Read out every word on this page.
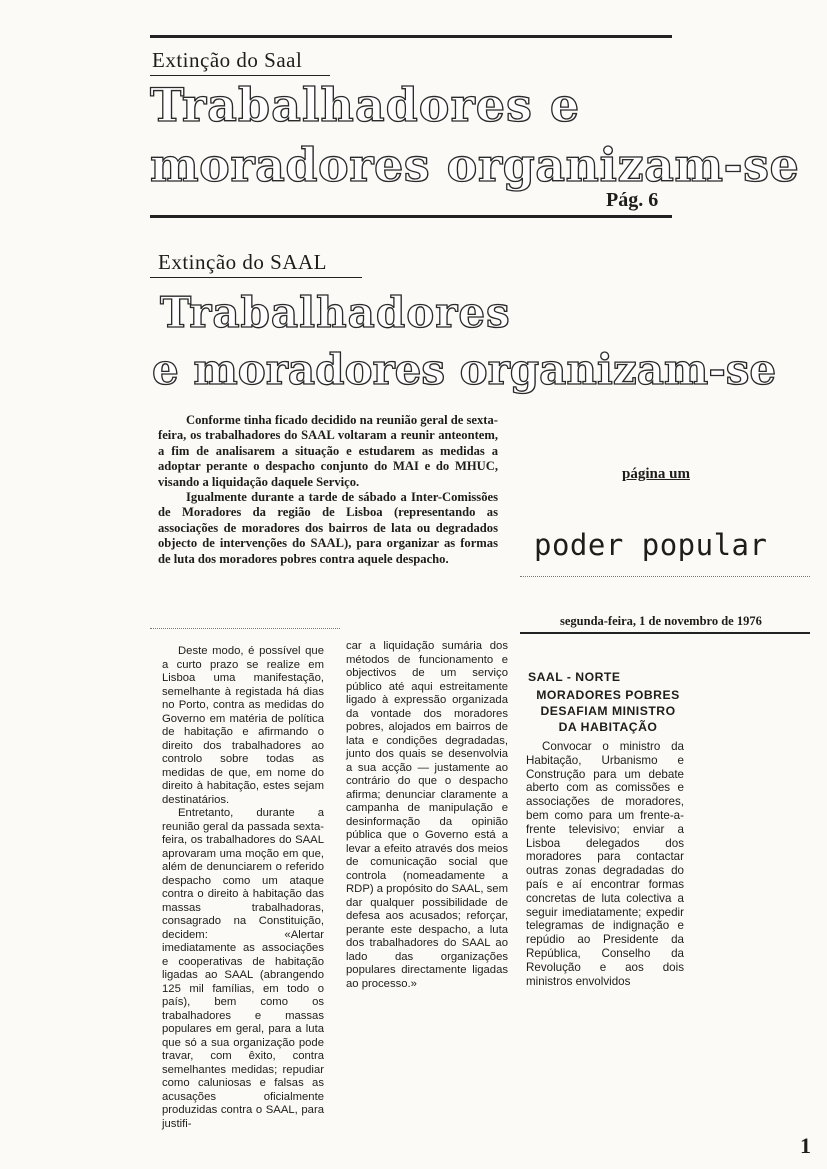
Extinção do Saal
Trabalhadores e
moradores organizam-se
Pág. 6
Extinção do SAAL
Trabalhadores
e moradores organizam-se

Conforme tinha ficado decidido na reunião geral de sexta-feira, os trabalhadores do SAAL voltaram a reunir anteontem, a fim de analisarem a situação e estudarem as medidas a adoptar perante o despacho conjunto do MAI e do MHUC, visando a liquidação daquele Serviço.

Igualmente durante a tarde de sábado a Inter-Comissões de Moradores da região de Lisboa (representando as associações de moradores dos bairros de lata ou degradados objecto de intervenções do SAAL), para organizar as formas de luta dos moradores pobres contra aquele despacho.

Deste modo, é possível que a curto prazo se realize em Lisboa uma manifestação, semelhante à registada há dias no Porto, contra as medidas do Governo em matéria de política de habitação e afirmando o direito dos trabalhadores ao controlo sobre todas as medidas de que, em nome do direito à habitação, estes sejam destinatários.

Entretanto, durante a reunião geral da passada sexta-feira, os trabalhadores do SAAL aprovaram uma moção em que, além de denunciarem o referido despacho como um ataque contra o direito à habitação das massas trabalhadoras, consagrado na Constituição, decidem: «Alertar imediatamente as associações e cooperativas de habitação ligadas ao SAAL (abrangendo 125 mil famílias, em todo o país), bem como os trabalhadores e massas populares em geral, para a luta que só a sua organização pode travar, com êxito, contra semelhantes medidas; repudiar como caluniosas e falsas as acusações oficialmente produzidas contra o SAAL, para justifi-

car a liquidação sumária dos métodos de funcionamento e objectivos de um serviço público até aqui estreitamente ligado à expressão organizada da vontade dos moradores pobres, alojados em bairros de lata e condições degradadas, junto dos quais se desenvolvia a sua acção — justamente ao contrário do que o despacho afirma; denunciar claramente a campanha de manipulação e desinformação da opinião pública que o Governo está a levar a efeito através dos meios de comunicação social que controla (nomeadamente a RDP) a propósito do SAAL, sem dar qualquer possibilidade de defesa aos acusados; reforçar, perante este despacho, a luta dos trabalhadores do SAAL ao lado das organizações populares directamente ligadas ao processo.»

página um
poder popular
segunda-feira, 1 de novembro de 1976
SAAL - NORTE
MORADORES POBRES
DESAFIAM MINISTRO
DA HABITAÇÃO

Convocar o ministro da Habitação, Urbanismo e Construção para um debate aberto com as comissões e associações de moradores, bem como para um frente-a-frente televisivo; enviar a Lisboa delegados dos moradores para contactar outras zonas degradadas do país e aí encontrar formas concretas de luta colectiva a seguir imediatamente; expedir telegramas de indignação e repúdio ao Presidente da República, Conselho da Revolução e aos dois ministros envolvidos

1
